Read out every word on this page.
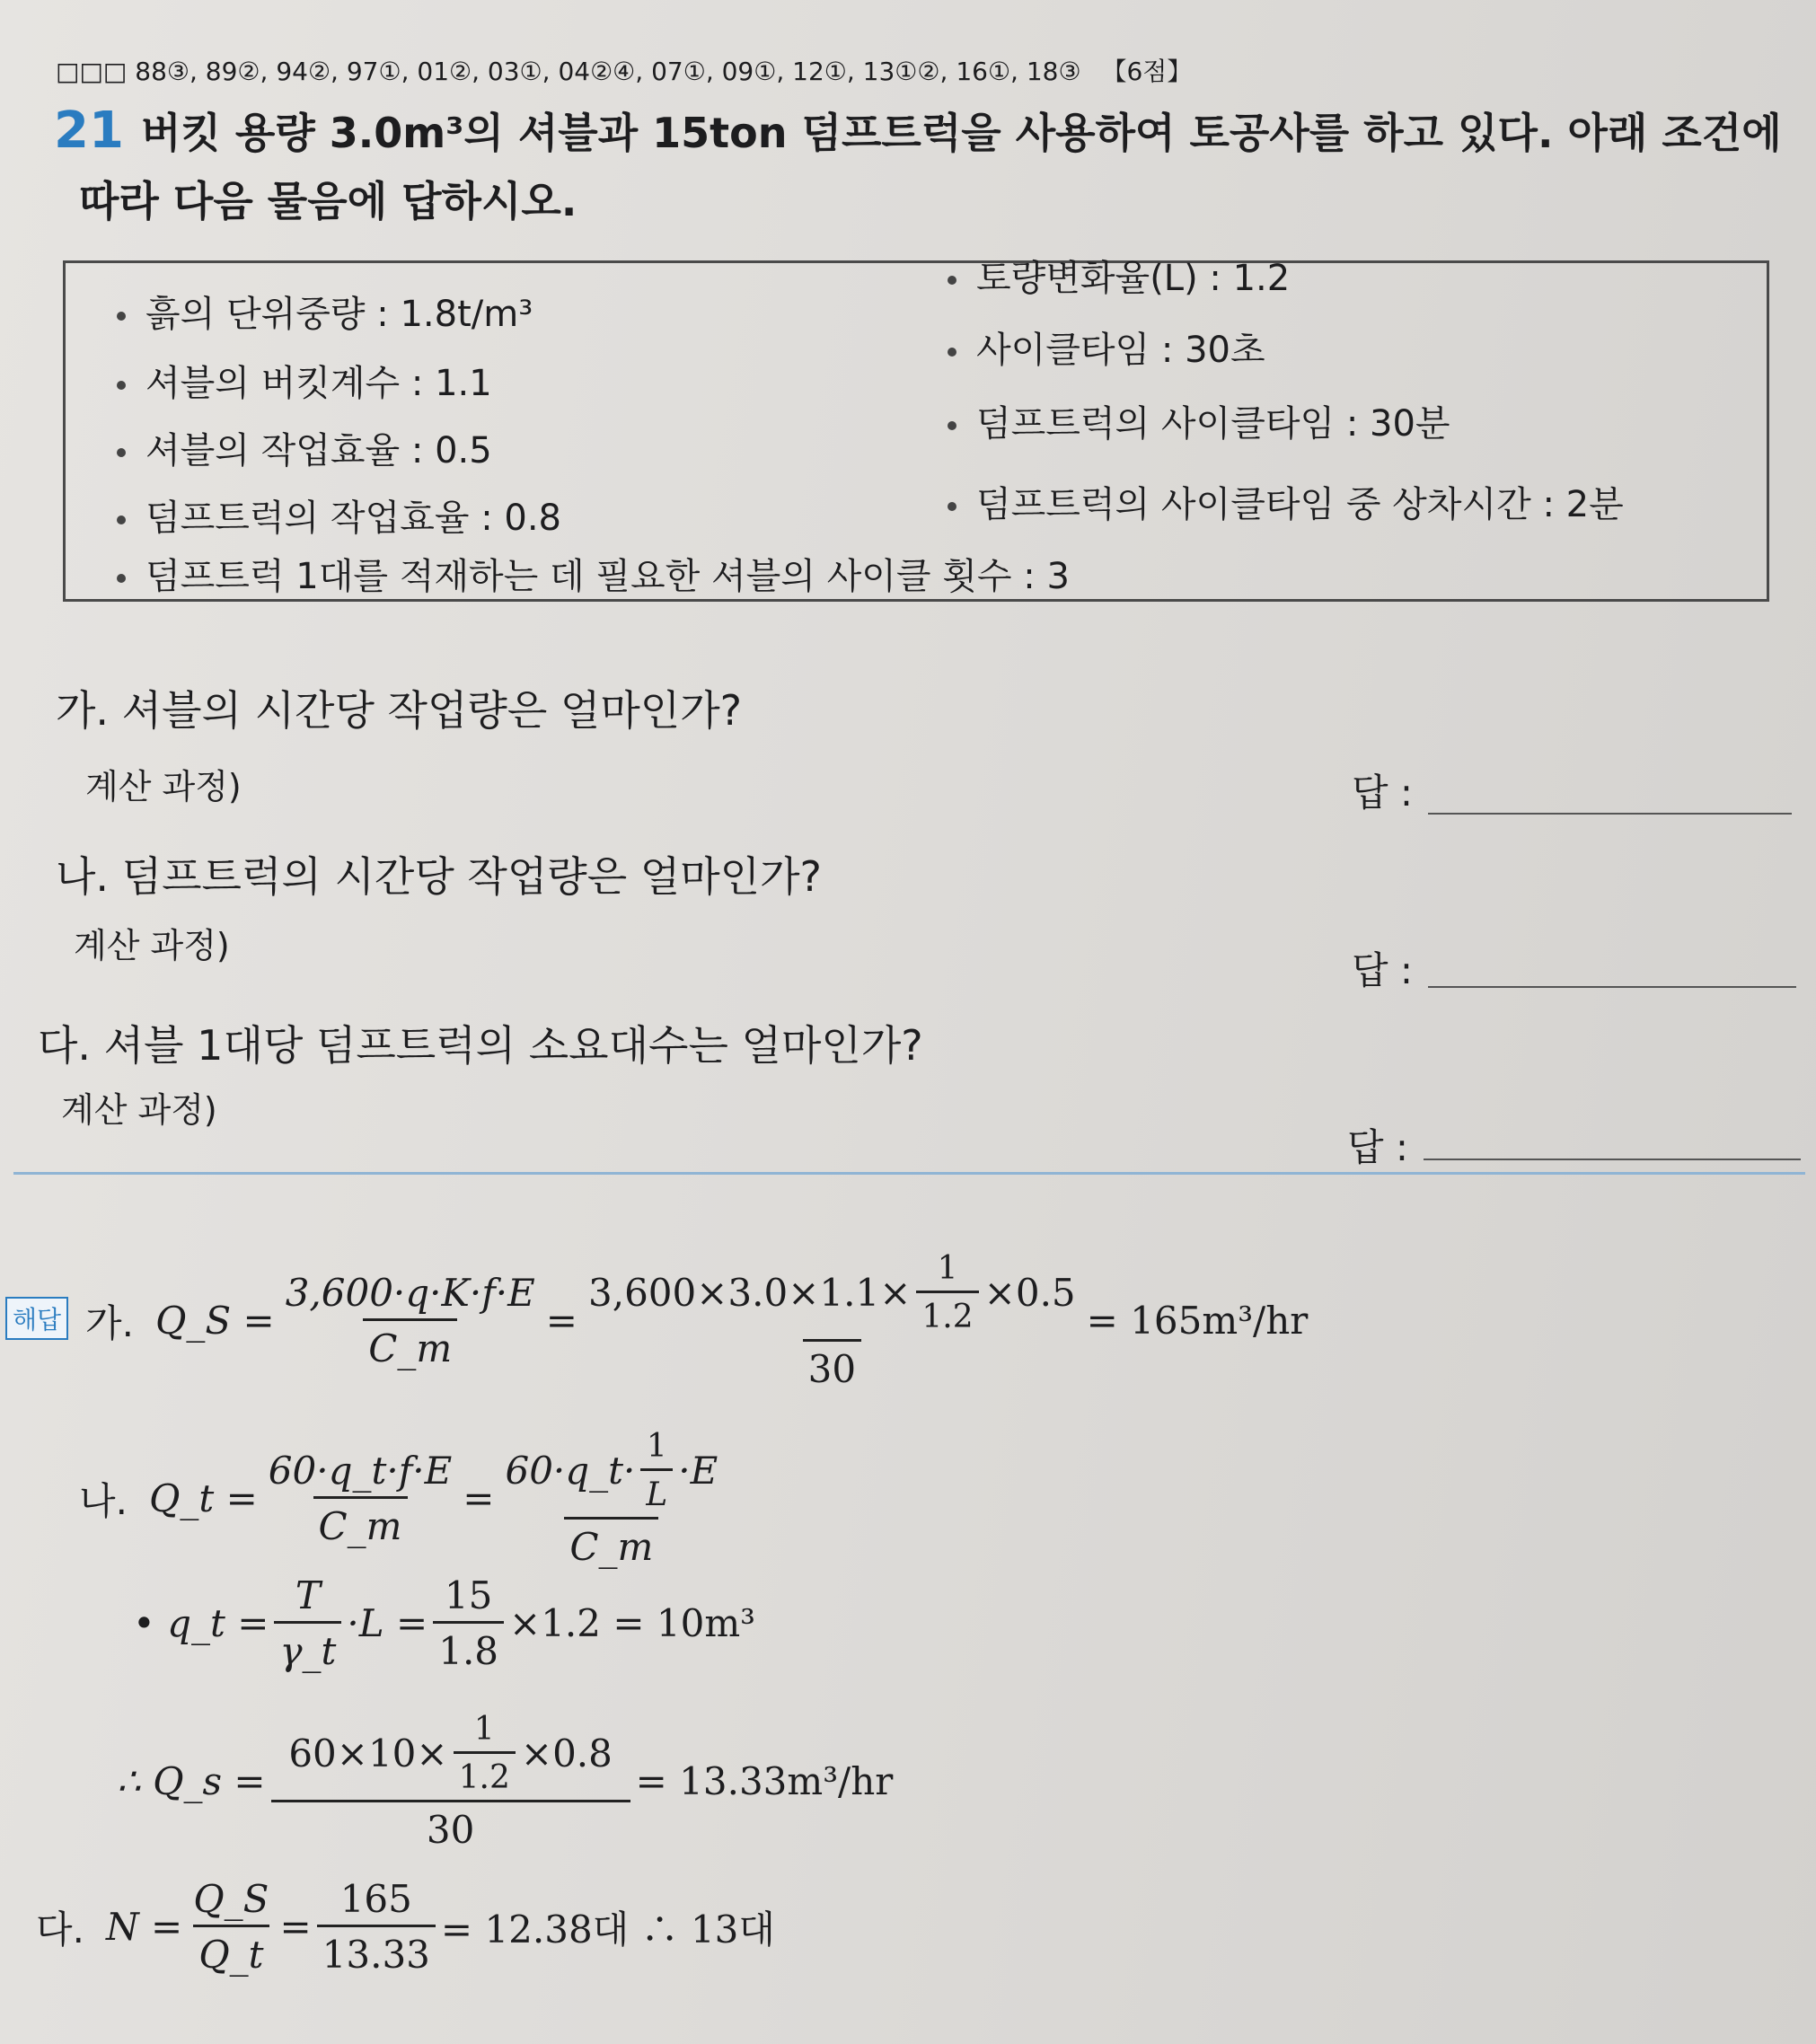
□□□ 88③, 89②, 94②, 97①, 01②, 03①, 04②④, 07①, 09①, 12①, 13①②, 16①, 18③ 【6점】
21 버킷 용량 3.0m³의 셔블과 15ton 덤프트럭을 사용하여 토공사를 하고 있다. 아래 조건에
따라 다음 물음에 답하시오.
흙의 단위중량 : 1.8t/m³
셔블의 버킷계수 : 1.1
셔블의 작업효율 : 0.5
덤프트럭의 작업효율 : 0.8
토량변화율(L) : 1.2
사이클타임 : 30초
덤프트럭의 사이클타임 : 30분
덤프트럭의 사이클타임 중 상차시간 : 2분
덤프트럭 1대를 적재하는 데 필요한 셔블의 사이클 횟수 : 3
가. 셔블의 시간당 작업량은 얼마인가?
계산 과정)	답 :
나. 덤프트럭의 시간당 작업량은 얼마인가?
계산 과정)
답 :
다. 셔블 1대당 덤프트럭의 소요대수는 얼마인가?
계산 과정)
답 :
해답 가. Q_S = $\frac{3,600\cdot q\cdot K\cdot f\cdot E}{C\_m} = \frac{3,600\times 3.0\times 1.1\times \frac{1}{1.2} \times 0.5}{30} = 165m^3/hr$
나. Q_t = $\frac{60\cdot q\_t\cdot f\cdot E}{C\_m} = \frac{60\cdot q\_t\cdot \frac{1}{L} \cdot E}{C\_m}$
• q_t = $\frac{T}{\gamma\_t} \cdot L = \frac{15}{1.8} \times 1.2 = 10m^3$
∴ Q_s = $\frac{60\times 10\times \frac{1}{1.2} \times 0.8}{30} = 13.33m^3/hr$
다. $N = \frac{Q\_S}{Q\_t} = \frac{165}{13.33} = 12.38$대 ∴ 13대
